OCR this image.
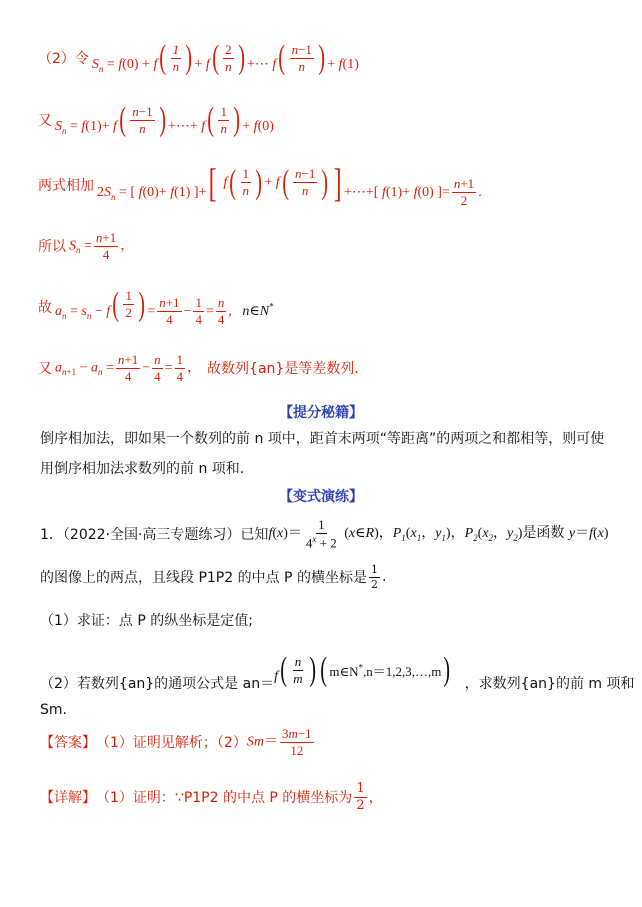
（2）令 $S_n = f(0) + f$ ( $\frac{1}{n}$ ) + f ( $\frac{2}{n}$ ) +⋯ f ( $\frac{n-1}{n}$ ) + f(1)
又 $S_n = f(1)+ f$ ( $\frac{n-1}{n}$ ) +⋯+ f ( $\frac{1}{n}$ ) + f(0)
两式相加 $2S_n$ = [ f(0)+ f(1) ]+ [ f ( $\frac{1}{n}$ ) + f ( $\frac{n-1}{n}$ ) ] +⋯+[ f(1)+ f(0) ]= $\frac{n+1}{2}$ .
所以 $S_n = \frac{n+1}{4}$ ，
故 $a_n = s_n - f$ ( $\frac{1}{2}$ ) = $\frac{n+1}{4} - \frac{1}{4} = \frac{n}{4}$ , n∈N*
又 $a_{n+1} - a_n = \frac{n+1}{4} - \frac{n}{4} = \frac{1}{4}$ ， 故数列{an}是等差数列.
【提分秘籍】
倒序相加法，即如果一个数列的前 n 项中，距首末两项“等距离”的两项之和都相等，则可使用倒序相加法求数列的前 n 项和.
【变式演练】
1．（2022·全国·高三专题练习）已知 $f(x)= \frac{1}{4^x + 2}$ (x∈R)，$P_1(x_1$，$y_1$)，$P_2(x_2$，$y_2$)是函数 y＝f(x)
的图像上的两点，且线段 P1P2 的中点 P 的横坐标是 $\frac{1}{2}$ .
（1）求证：点 P 的纵坐标是定值;
（2）若数列{an}的通项公式是 an＝ f ( $\frac{n}{m}$ ) ( m∈N*,n＝1,2,3,…,m ) ，求数列{an}的前 m 项和
Sm.
【答案】 （1）证明见解析；（2） $Sm= \frac{3m-1}{12}$
【详解】 （1）证明：∵P1P2 的中点 P 的横坐标为 $\frac{1}{2}$ ，
